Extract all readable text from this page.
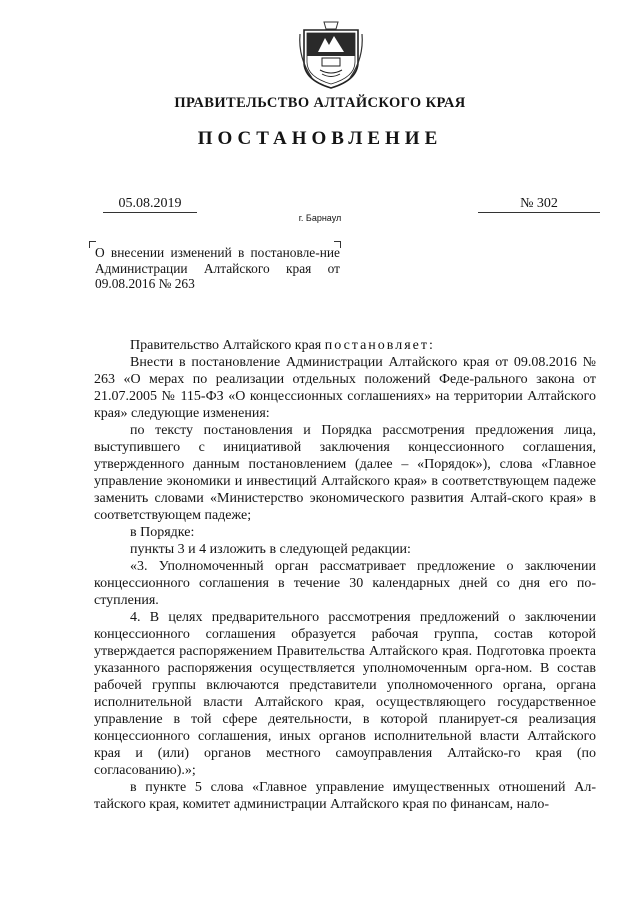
ПРАВИТЕЛЬСТВО АЛТАЙСКОГО КРАЯ
ПОСТАНОВЛЕНИЕ
05.08.2019	№ 302
г. Барнаул

О внесении изменений в постановле-ние Администрации Алтайского края от 09.08.2016 № 263

Правительство Алтайского края постановляет:

Внести в постановление Администрации Алтайского края от 09.08.2016 № 263 «О мерах по реализации отдельных положений Феде-рального закона от 21.07.2005 № 115-ФЗ «О концессионных соглашениях» на территории Алтайского края» следующие изменения:

по тексту постановления и Порядка рассмотрения предложения лица, выступившего с инициативой заключения концессионного соглашения, утвержденного данным постановлением (далее – «Порядок»), слова «Главное управление экономики и инвестиций Алтайского края» в соответствующем падеже заменить словами «Министерство экономического развития Алтай-ского края» в соответствующем падеже;

в Порядке:

пункты 3 и 4 изложить в следующей редакции:

«3. Уполномоченный орган рассматривает предложение о заключении концессионного соглашения в течение 30 календарных дней со дня его по-ступления.

4. В целях предварительного рассмотрения предложений о заключении концессионного соглашения образуется рабочая группа, состав которой утверждается распоряжением Правительства Алтайского края. Подготовка проекта указанного распоряжения осуществляется уполномоченным орга-ном. В состав рабочей группы включаются представители уполномоченного органа, органа исполнительной власти Алтайского края, осуществляющего государственное управление в той сфере деятельности, в которой планирует-ся реализация концессионного соглашения, иных органов исполнительной власти Алтайского края и (или) органов местного самоуправления Алтайско-го края (по согласованию).»;

в пункте 5 слова «Главное управление имущественных отношений Ал-тайского края, комитет администрации Алтайского края по финансам, нало-
